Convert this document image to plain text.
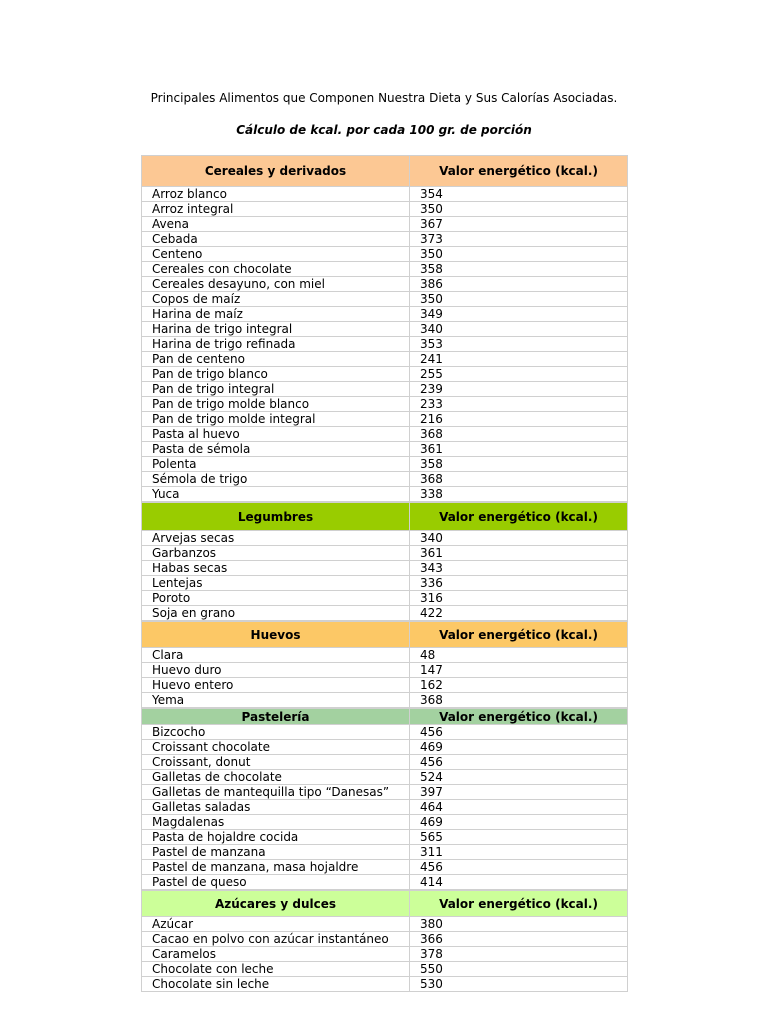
Principales Alimentos que Componen Nuestra Dieta y Sus Calorías Asociadas.
Cálculo de kcal. por cada 100 gr. de porción
Cereales y derivados	Valor energético (kcal.)
Arroz blanco	354
Arroz integral	350
Avena	367
Cebada	373
Centeno	350
Cereales con chocolate	358
Cereales desayuno, con miel	386
Copos de maíz	350
Harina de maíz	349
Harina de trigo integral	340
Harina de trigo refinada	353
Pan de centeno	241
Pan de trigo blanco	255
Pan de trigo integral	239
Pan de trigo molde blanco	233
Pan de trigo molde integral	216
Pasta al huevo	368
Pasta de sémola	361
Polenta	358
Sémola de trigo	368
Yuca	338
Legumbres	Valor energético (kcal.)
Arvejas secas	340
Garbanzos	361
Habas secas	343
Lentejas	336
Poroto	316
Soja en grano	422
Huevos	Valor energético (kcal.)
Clara	48
Huevo duro	147
Huevo entero	162
Yema	368
Pastelería	Valor energético (kcal.)
Bizcocho	456
Croissant chocolate	469
Croissant, donut	456
Galletas de chocolate	524
Galletas de mantequilla tipo “Danesas”	397
Galletas saladas	464
Magdalenas	469
Pasta de hojaldre cocida	565
Pastel de manzana	311
Pastel de manzana, masa hojaldre	456
Pastel de queso	414
Azúcares y dulces	Valor energético (kcal.)
Azúcar	380
Cacao en polvo con azúcar instantáneo	366
Caramelos	378
Chocolate con leche	550
Chocolate sin leche	530
